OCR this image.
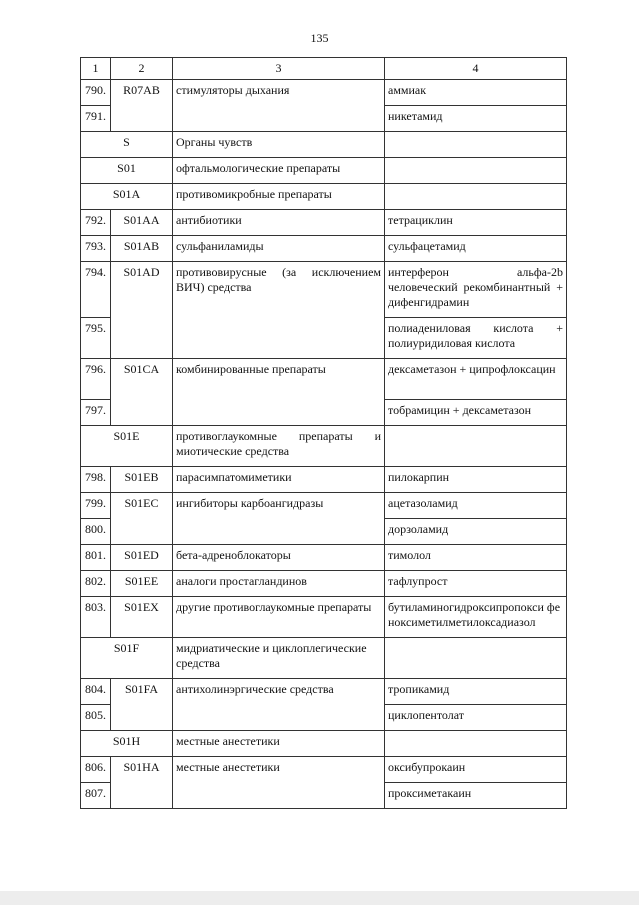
135
1	2	3	4
790.	R07AB	стимуляторы дыхания	аммиак
791.			никетамид
S		Органы чувств	
S01		офтальмологические препараты	
S01A		противомикробные препараты	
792.	S01AA	антибиотики	тетрациклин
793.	S01AB	сульфаниламиды	сульфацетамид
794.	S01AD	противовирусные (за исключением ВИЧ) средства	интерферон альфа-2b человеческий рекомбинантный + дифенгидрамин
795.			полиадениловая кислота + полиуридиловая кислота
796.	S01CA	комбинированные препараты	дексаметазон + ципрофлоксацин
797.			тобрамицин + дексаметазон
S01E		противоглаукомные препараты и миотические средства	
798.	S01EB	парасимпатомиметики	пилокарпин
799.	S01EC	ингибиторы карбоангидразы	ацетазоламид
800.			дорзоламид
801.	S01ED	бета-адреноблокаторы	тимолол
802.	S01EE	аналоги простагландинов	тафлупрост
803.	S01EX	другие противоглаукомные препараты	бутиламиногидроксипропокси феноксиметилметилоксадиазол
S01F		мидриатические и циклоплегические средства	
804.	S01FA	антихолинэргические средства	тропикамид
805.			циклопентолат
S01H		местные анестетики	
806.	S01HA	местные анестетики	оксибупрокаин
807.			проксиметакаин
